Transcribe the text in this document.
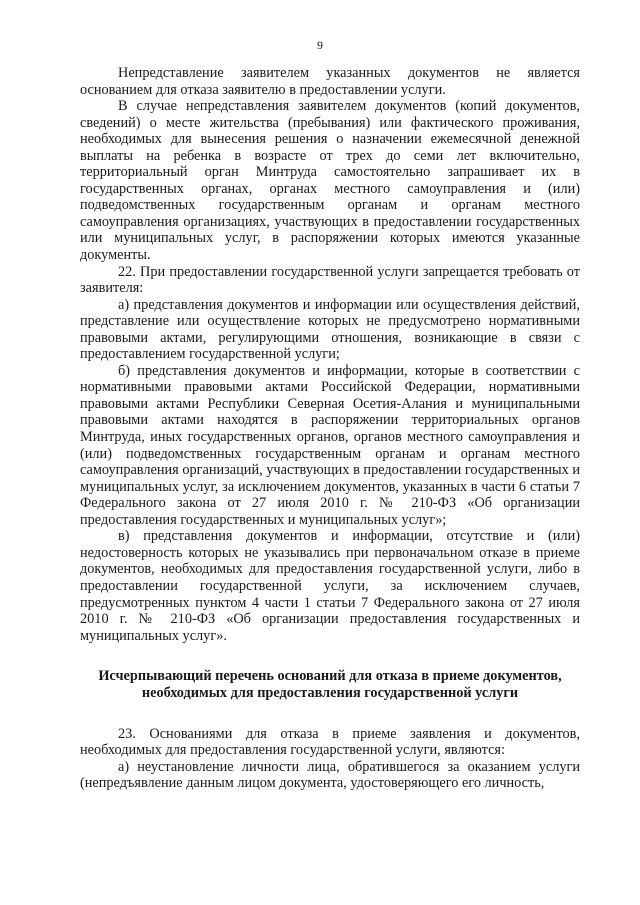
9

Непредставление заявителем указанных документов не является основанием для отказа заявителю в предоставлении услуги.

В случае непредставления заявителем документов (копий документов, сведений) о месте жительства (пребывания) или фактического проживания, необходимых для вынесения решения о назначении ежемесячной денежной выплаты на ребенка в возрасте от трех до семи лет включительно, территориальный орган Минтруда самостоятельно запрашивает их в государственных органах, органах местного самоуправления и (или) подведомственных государственным органам и органам местного самоуправления организациях, участвующих в предоставлении государственных или муниципальных услуг, в распоряжении которых имеются указанные документы.

22. При предоставлении государственной услуги запрещается требовать от заявителя:

а) представления документов и информации или осуществления действий, представление или осуществление которых не предусмотрено нормативными правовыми актами, регулирующими отношения, возникающие в связи с предоставлением государственной услуги;

б) представления документов и информации, которые в соответствии с нормативными правовыми актами Российской Федерации, нормативными правовыми актами Республики Северная Осетия-Алания и муниципальными правовыми актами находятся в распоряжении территориальных органов Минтруда, иных государственных органов, органов местного самоуправления и (или) подведомственных государственным органам и органам местного самоуправления организаций, участвующих в предоставлении государственных и муниципальных услуг, за исключением документов, указанных в части 6 статьи 7 Федерального закона от 27 июля 2010 г. № 210-ФЗ «Об организации предоставления государственных и муниципальных услуг»;

в) представления документов и информации, отсутствие и (или) недостоверность которых не указывались при первоначальном отказе в приеме документов, необходимых для предоставления государственной услуги, либо в предоставлении государственной услуги, за исключением случаев, предусмотренных пунктом 4 части 1 статьи 7 Федерального закона от 27 июля 2010 г. № 210-ФЗ «Об организации предоставления государственных и муниципальных услуг».

Исчерпывающий перечень оснований для отказа в приеме документов, необходимых для предоставления государственной услуги

23. Основаниями для отказа в приеме заявления и документов, необходимых для предоставления государственной услуги, являются:

а) неустановление личности лица, обратившегося за оказанием услуги (непредъявление данным лицом документа, удостоверяющего его личность,
